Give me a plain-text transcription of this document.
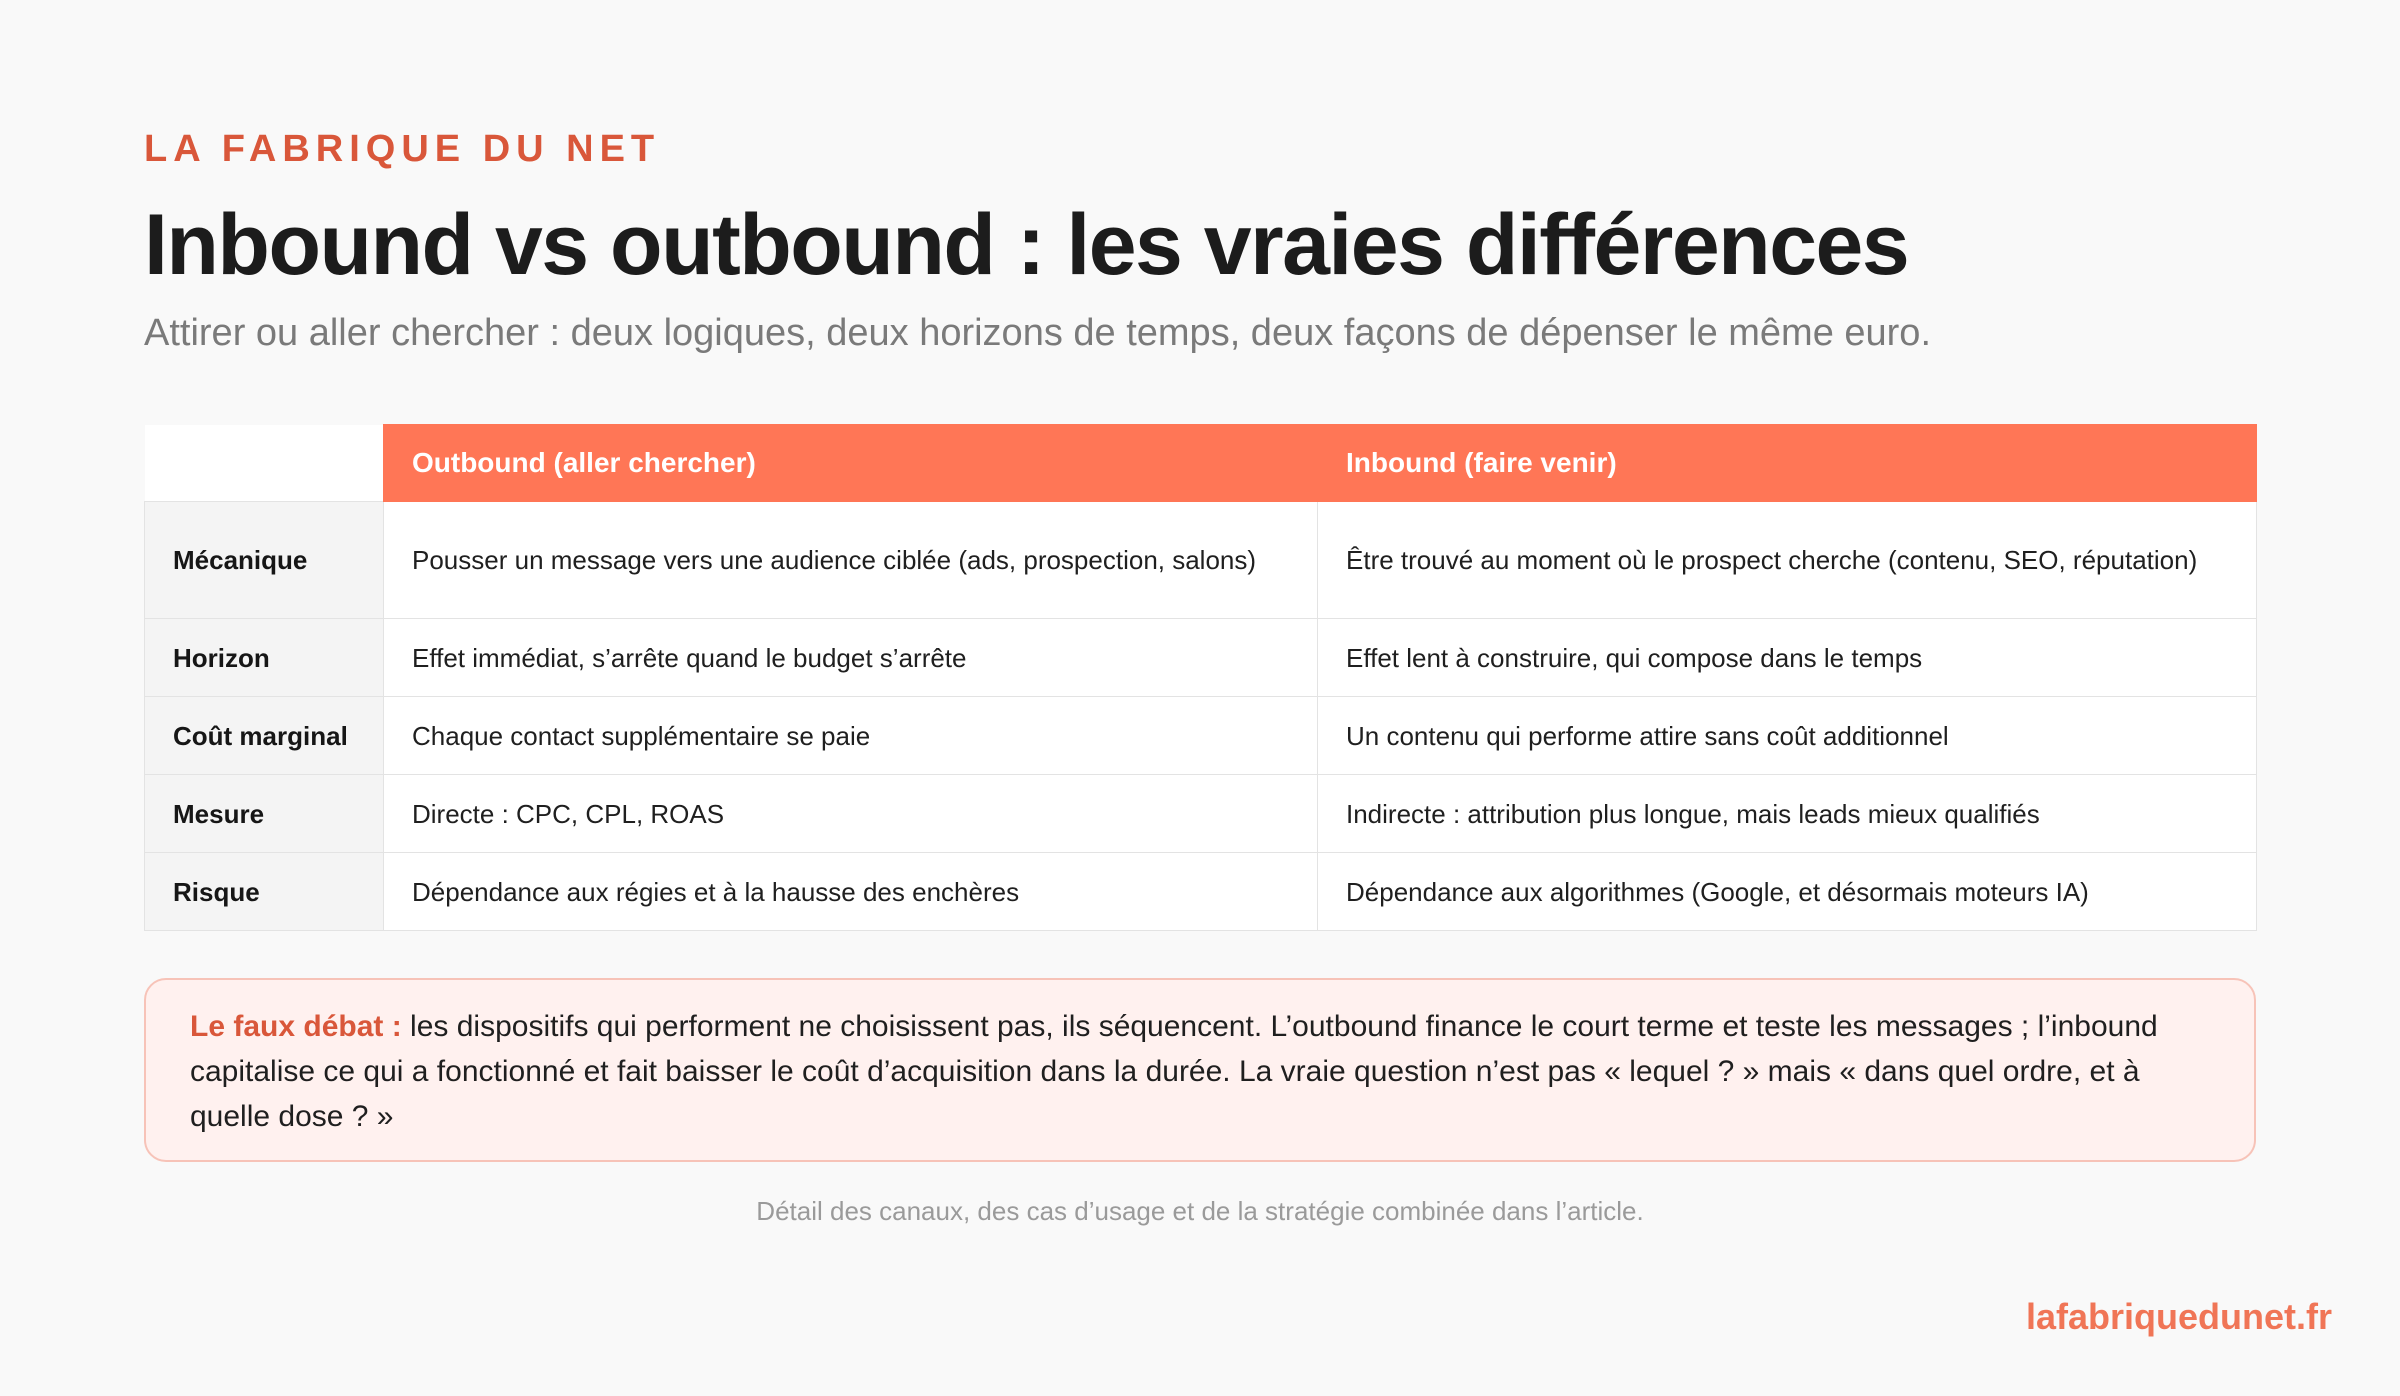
LA FABRIQUE DU NET
Inbound vs outbound : les vraies différences
Attirer ou aller chercher : deux logiques, deux horizons de temps, deux façons de dépenser le même euro.
	Outbound (aller chercher)	Inbound (faire venir)
Mécanique	Pousser un message vers une audience ciblée (ads, prospection, salons)	Être trouvé au moment où le prospect cherche (contenu, SEO, réputation)
Horizon	Effet immédiat, s’arrête quand le budget s’arrête	Effet lent à construire, qui compose dans le temps
Coût marginal	Chaque contact supplémentaire se paie	Un contenu qui performe attire sans coût additionnel
Mesure	Directe : CPC, CPL, ROAS	Indirecte : attribution plus longue, mais leads mieux qualifiés
Risque	Dépendance aux régies et à la hausse des enchères	Dépendance aux algorithmes (Google, et désormais moteurs IA)
Le faux débat : les dispositifs qui performent ne choisissent pas, ils séquencent. L’outbound finance le court terme et teste les messages ; l’inbound capitalise ce qui a fonctionné et fait baisser le coût d’acquisition dans la durée. La vraie question n’est pas « lequel ? » mais « dans quel ordre, et à quelle dose ? »
Détail des canaux, des cas d’usage et de la stratégie combinée dans l’article.
lafabriquedunet.fr
